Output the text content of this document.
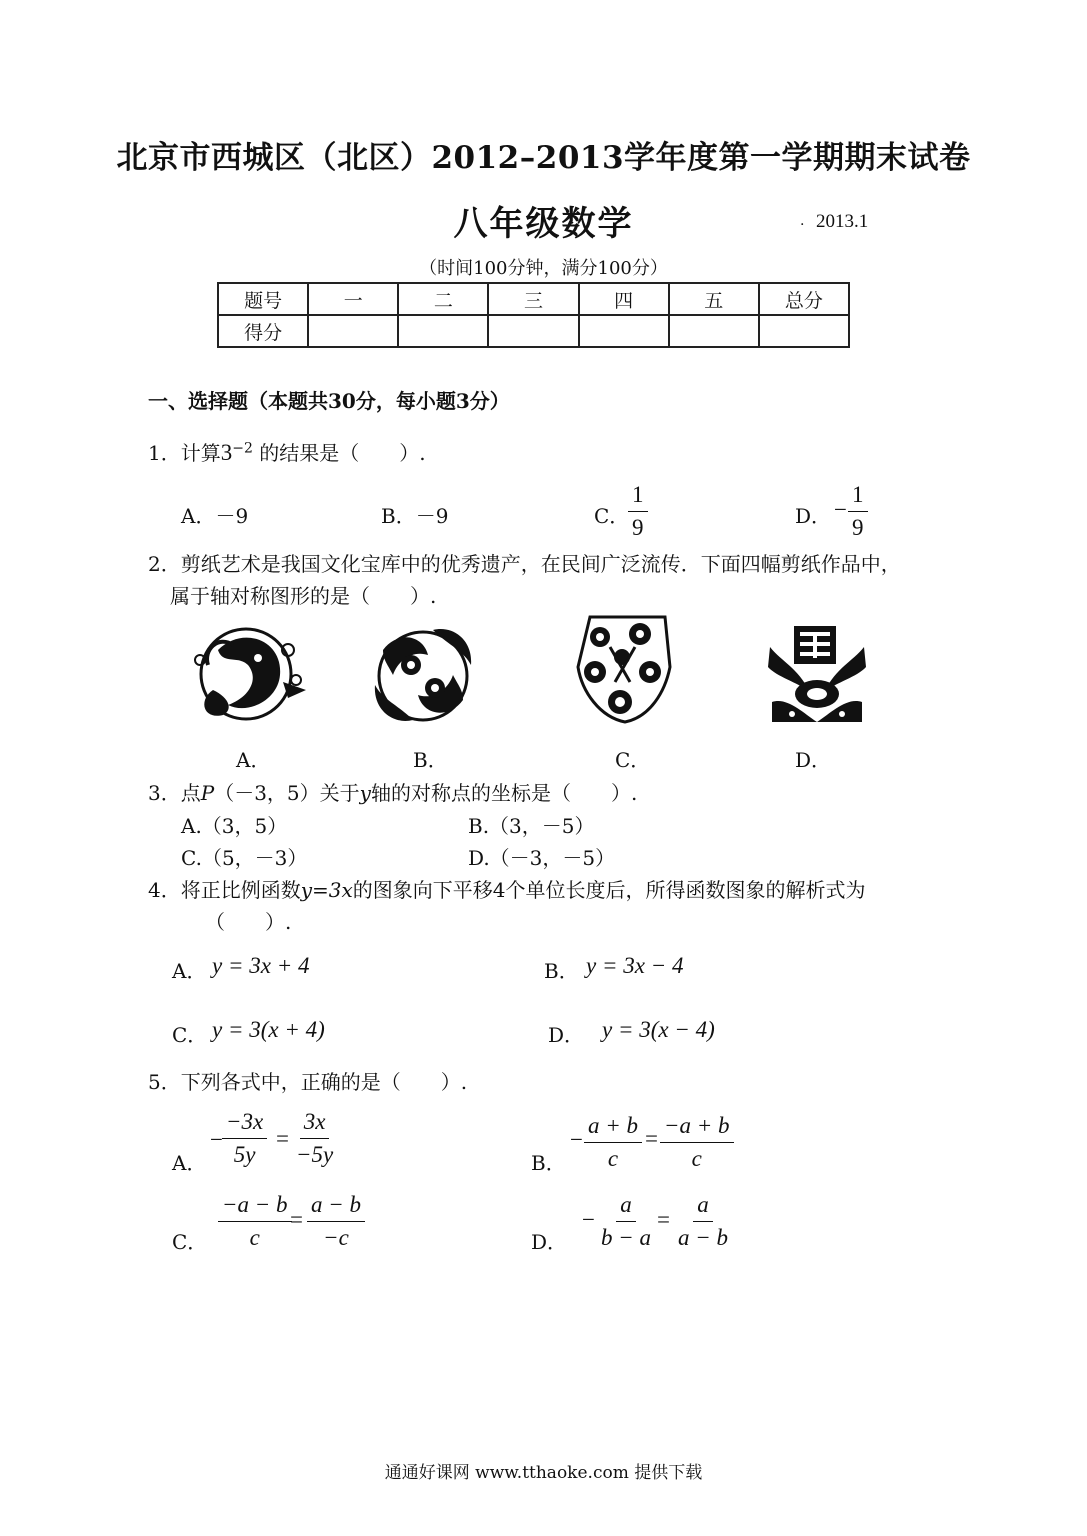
北京市西城区（北区）2012–2013学年度第一学期期末试卷
八年级数学	. 2013.1
（时间100分钟，满分100分）
题号	一	二	三	四	五	总分
得分						
一、选择题（本题共30分，每小题3分）
1．计算$3^{-2}$ 的结果是（　　）.
A．－9	B．－9	C．
$\frac{1}{9}$	D． − $\frac{1}{9}$
2．剪纸艺术是我国文化宝库中的优秀遗产，在民间广泛流传．下面四幅剪纸作品中，
属于轴对称图形的是（　　）.
A．	B．	C．	D．
3．点P（－3，5）关于y轴的对称点的坐标是（　　）.
A.（3，5）	B.（3，－5）
C.（5，－3）	D.（－3，－5）
4．将正比例函数y=3x的图象向下平移4个单位长度后，所得函数图象的解析式为
（　　）.
A． y = 3x + 4	B． y = 3x − 4
C． y = 3(x + 4)	D． y = 3(x − 4)
5．下列各式中，正确的是（　　）.
A．
− $\frac{-3x}{5y} = \frac{3x}{-5y}$	B．
− $\frac{a + b}{c} = \frac{-a + b}{c}$
C． $\frac{-a - b}{c}$
= $\frac{a - b}{-c}$	D．
− $\frac{a}{b - a} = \frac{a}{a - b}$
通通好课网 www.tthaoke.com 提供下载
